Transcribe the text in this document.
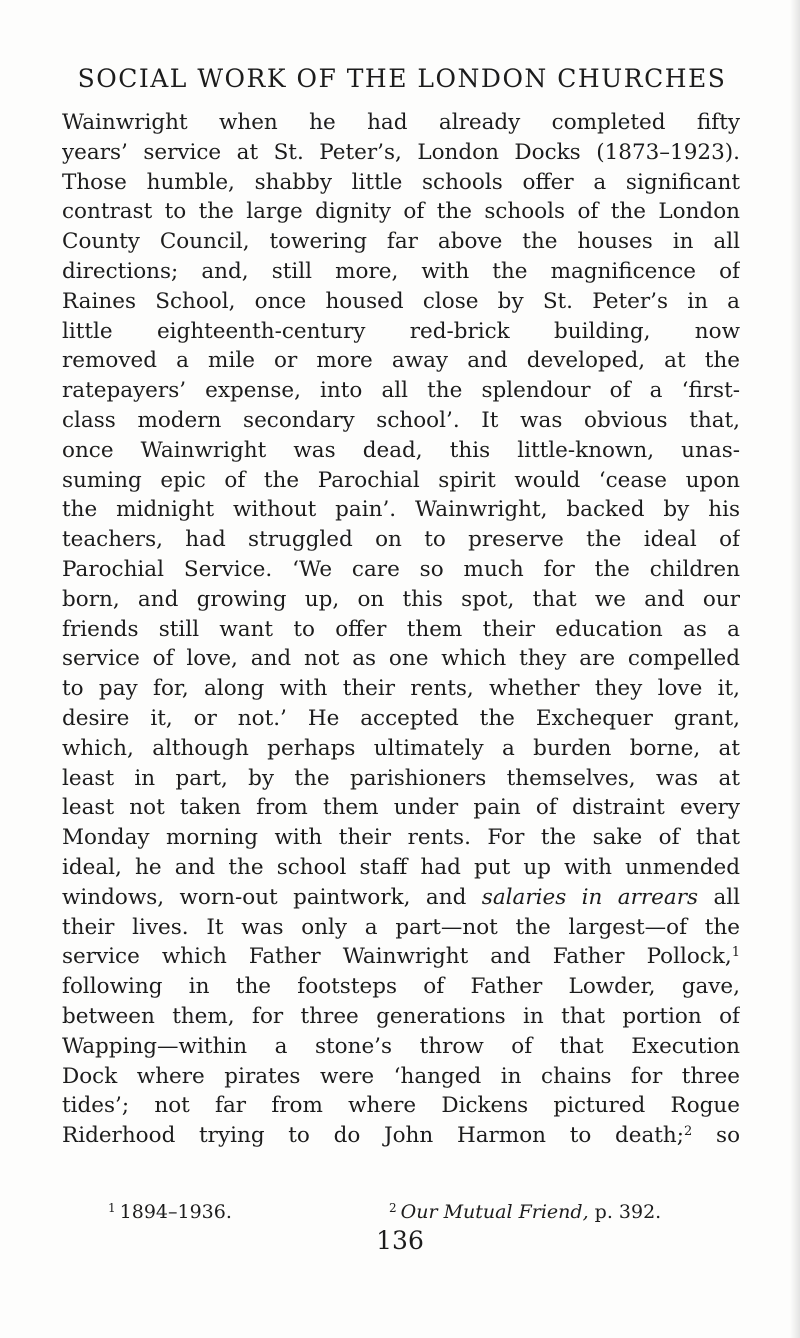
SOCIAL WORK OF THE LONDON CHURCHES
Wainwright when he had already completed fifty
years’ service at St. Peter’s, London Docks (1873–1923).
Those humble, shabby little schools offer a significant
contrast to the large dignity of the schools of the London
County Council, towering far above the houses in all
directions; and, still more, with the magnificence of
Raines School, once housed close by St. Peter’s in a
little eighteenth-century red-brick building, now
removed a mile or more away and developed, at the
ratepayers’ expense, into all the splendour of a ‘first-
class modern secondary school’. It was obvious that,
once Wainwright was dead, this little-known, unas-
suming epic of the Parochial spirit would ‘cease upon
the midnight without pain’. Wainwright, backed by his
teachers, had struggled on to preserve the ideal of
Parochial Service. ‘We care so much for the children
born, and growing up, on this spot, that we and our
friends still want to offer them their education as a
service of love, and not as one which they are compelled
to pay for, along with their rents, whether they love it,
desire it, or not.’ He accepted the Exchequer grant,
which, although perhaps ultimately a burden borne, at
least in part, by the parishioners themselves, was at
least not taken from them under pain of distraint every
Monday morning with their rents. For the sake of that
ideal, he and the school staff had put up with unmended
windows, worn-out paintwork, and salaries in arrears all
their lives. It was only a part—not the largest—of the
service which Father Wainwright and Father Pollock,$^1$
following in the footsteps of Father Lowder, gave,
between them, for three generations in that portion of
Wapping—within a stone’s throw of that Execution
Dock where pirates were ‘hanged in chains for three
tides’; not far from where Dickens pictured Rogue
Riderhood trying to do John Harmon to death;$^2$ so
$^1$ 1894–1936.	$^2$ Our Mutual Friend, p. 392.
136
